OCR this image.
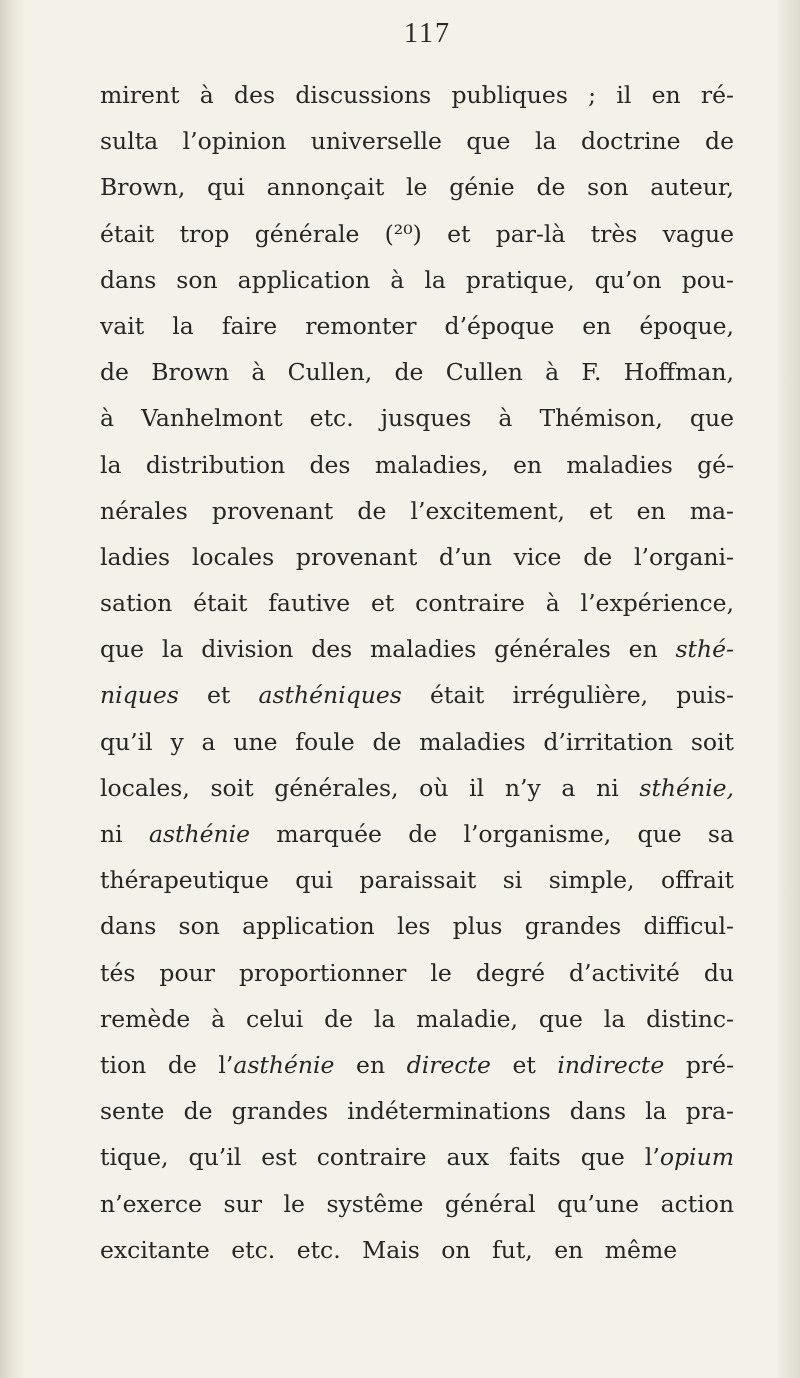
117
mirent à des discussions publiques ; il en ré-
sulta l’opinion universelle que la doctrine de
Brown, qui annonçait le génie de son auteur,
était trop générale (²⁰) et par-là très vague
dans son application à la pratique, qu’on pou-
vait la faire remonter d’époque en époque,
de Brown à Cullen, de Cullen à F. Hoffman,
à Vanhelmont etc. jusques à Thémison, que
la distribution des maladies, en maladies gé-
nérales provenant de l’excitement, et en ma-
ladies locales provenant d’un vice de l’organi-
sation était fautive et contraire à l’expérience,
que la division des maladies générales en sthé-
niques et asthéniques était irrégulière, puis-
qu’il y a une foule de maladies d’irritation soit
locales, soit générales, où il n’y a ni sthénie,
ni asthénie marquée de l’organisme, que sa
thérapeutique qui paraissait si simple, offrait
dans son application les plus grandes difficul-
tés pour proportionner le degré d’activité du
remède à celui de la maladie, que la distinc-
tion de l’asthénie en directe et indirecte pré-
sente de grandes indéterminations dans la pra-
tique, qu’il est contraire aux faits que l’opium
n’exerce sur le systême général qu’une action
excitante etc. etc. Mais on fut, en même
